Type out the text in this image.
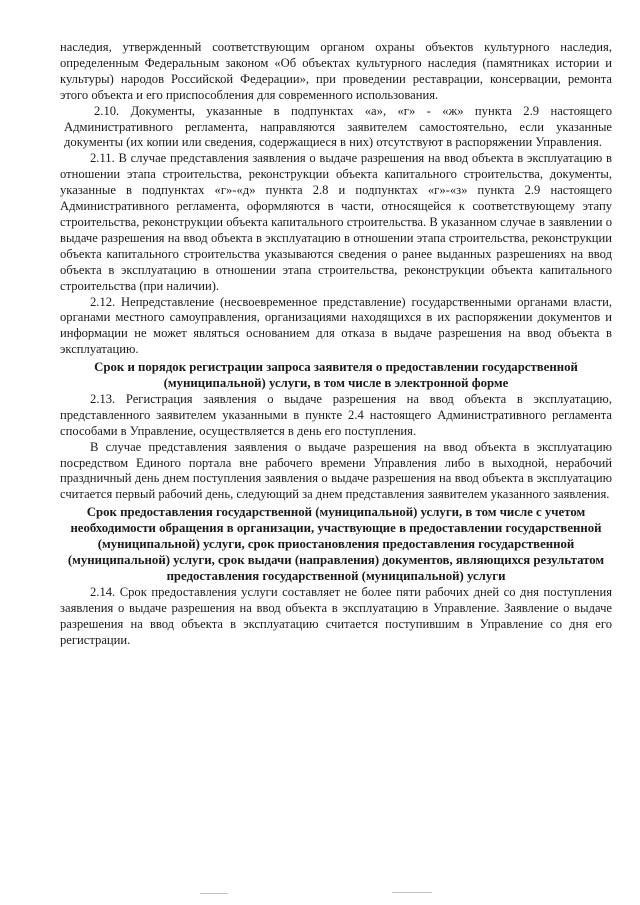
наследия, утвержденный соответствующим органом охраны объектов культурного наследия, определенным Федеральным законом «Об объектах культурного наследия (памятниках истории и культуры) народов Российской Федерации», при проведении реставрации, консервации, ремонта этого объекта и его приспособления для современного использования.

2.10. Документы, указанные в подпунктах «а», «г» - «ж» пункта 2.9 настоящего Административного регламента, направляются заявителем самостоятельно, если указанные документы (их копии или сведения, содержащиеся в них) отсутствуют в распоряжении Управления.

2.11. В случае представления заявления о выдаче разрешения на ввод объекта в эксплуатацию в отношении этапа строительства, реконструкции объекта капитального строительства, документы, указанные в подпунктах «г»-«д» пункта 2.8 и подпунктах «г»-«з» пункта 2.9 настоящего Административного регламента, оформляются в части, относящейся к соответствующему этапу строительства, реконструкции объекта капитального строительства. В указанном случае в заявлении о выдаче разрешения на ввод объекта в эксплуатацию в отношении этапа строительства, реконструкции объекта капитального строительства указываются сведения о ранее выданных разрешениях на ввод объекта в эксплуатацию в отношении этапа строительства, реконструкции объекта капитального строительства (при наличии).

2.12. Непредставление (несвоевременное представление) государственными органами власти, органами местного самоуправления, организациями находящихся в их распоряжении документов и информации не может являться основанием для отказа в выдаче разрешения на ввод объекта в эксплуатацию.

Срок и порядок регистрации запроса заявителя о предоставлении государственной (муниципальной) услуги, в том числе в электронной форме

2.13. Регистрация заявления о выдаче разрешения на ввод объекта в эксплуатацию, представленного заявителем указанными в пункте 2.4 настоящего Административного регламента способами в Управление, осуществляется в день его поступления.

В случае представления заявления о выдаче разрешения на ввод объекта в эксплуатацию посредством Единого портала вне рабочего времени Управления либо в выходной, нерабочий праздничный день днем поступления заявления о выдаче разрешения на ввод объекта в эксплуатацию считается первый рабочий день, следующий за днем представления заявителем указанного заявления.

Срок предоставления государственной (муниципальной) услуги, в том числе с учетом необходимости обращения в организации, участвующие в предоставлении государственной (муниципальной) услуги, срок приостановления предоставления государственной (муниципальной) услуги, срок выдачи (направления) документов, являющихся результатом предоставления государственной (муниципальной) услуги

2.14. Срок предоставления услуги составляет не более пяти рабочих дней со дня поступления заявления о выдаче разрешения на ввод объекта в эксплуатацию в Управление. Заявление о выдаче разрешения на ввод объекта в эксплуатацию считается поступившим в Управление со дня его регистрации.
